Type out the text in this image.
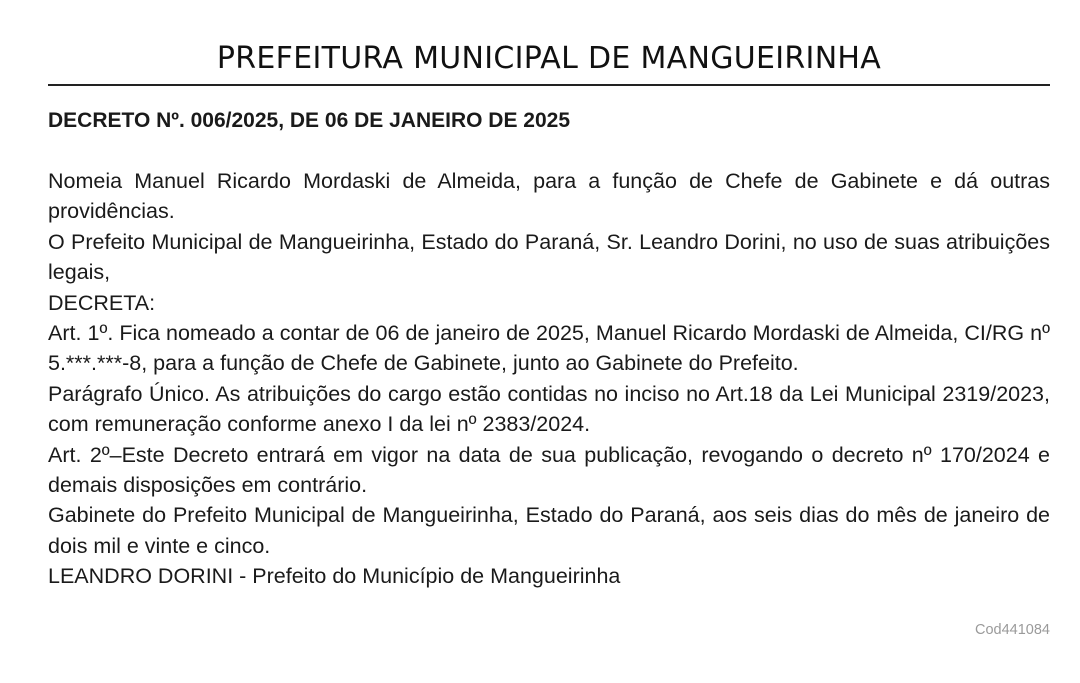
PREFEITURA MUNICIPAL DE MANGUEIRINHA
DECRETO Nº. 006/2025, DE 06 DE JANEIRO DE 2025

Nomeia Manuel Ricardo Mordaski de Almeida, para a função de Chefe de Gabinete e dá outras providências.

O Prefeito Municipal de Mangueirinha, Estado do Paraná, Sr. Leandro Dorini, no uso de suas atribuições legais,

DECRETA:

Art. 1º. Fica nomeado a contar de 06 de janeiro de 2025, Manuel Ricardo Mordaski de Almeida, CI/RG nº 5.***.***-8, para a função de Chefe de Gabinete, junto ao Gabinete do Prefeito.

Parágrafo Único. As atribuições do cargo estão contidas no inciso no Art.18 da Lei Municipal 2319/2023, com remuneração conforme anexo I da lei nº 2383/2024.

Art. 2º–Este Decreto entrará em vigor na data de sua publicação, revogando o decreto nº 170/2024 e demais disposições em contrário.

Gabinete do Prefeito Municipal de Mangueirinha, Estado do Paraná, aos seis dias do mês de janeiro de dois mil e vinte e cinco.

LEANDRO DORINI - Prefeito do Município de Mangueirinha

Cod441084
